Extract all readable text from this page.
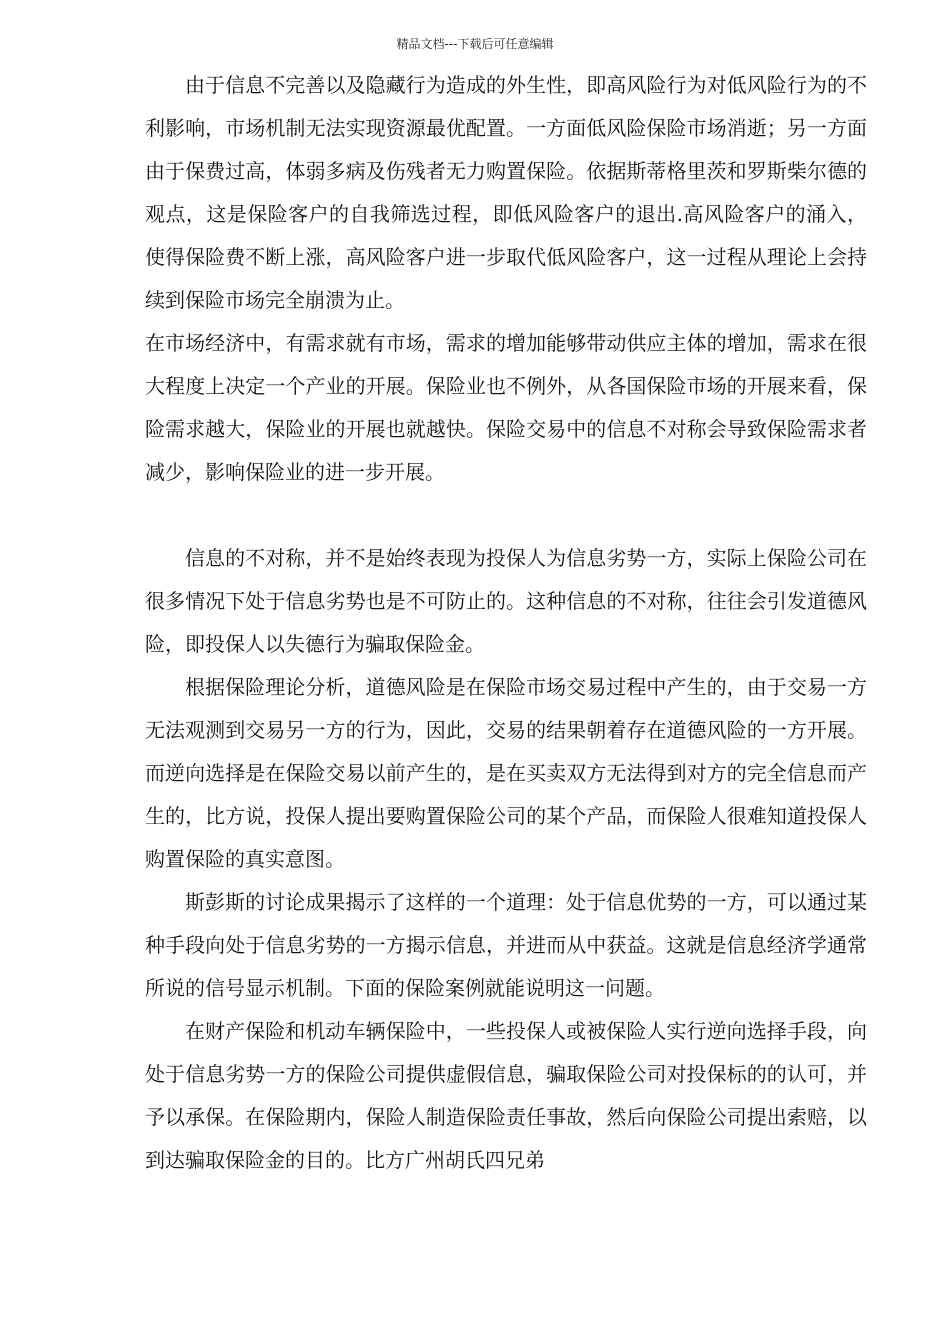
精品文档---下载后可任意编辑

由于信息不完善以及隐藏行为造成的外生性，即高风险行为对低风险行为的不利影响，市场机制无法实现资源最优配置。一方面低风险保险市场消逝；另一方面由于保费过高，体弱多病及伤残者无力购置保险。依据斯蒂格里茨和罗斯柴尔德的观点，这是保险客户的自我筛选过程，即低风险客户的退出.高风险客户的涌入，使得保险费不断上涨，高风险客户进一步取代低风险客户，这一过程从理论上会持续到保险市场完全崩溃为止。

在市场经济中，有需求就有市场，需求的增加能够带动供应主体的增加，需求在很大程度上决定一个产业的开展。保险业也不例外，从各国保险市场的开展来看，保险需求越大，保险业的开展也就越快。保险交易中的信息不对称会导致保险需求者减少，影响保险业的进一步开展。

信息的不对称，并不是始终表现为投保人为信息劣势一方，实际上保险公司在很多情况下处于信息劣势也是不可防止的。这种信息的不对称，往往会引发道德风险，即投保人以失德行为骗取保险金。

根据保险理论分析，道德风险是在保险市场交易过程中产生的，由于交易一方无法观测到交易另一方的行为，因此，交易的结果朝着存在道德风险的一方开展。而逆向选择是在保险交易以前产生的，是在买卖双方无法得到对方的完全信息而产生的，比方说，投保人提出要购置保险公司的某个产品，而保险人很难知道投保人购置保险的真实意图。

斯彭斯的讨论成果揭示了这样的一个道理：处于信息优势的一方，可以通过某种手段向处于信息劣势的一方揭示信息，并进而从中获益。这就是信息经济学通常所说的信号显示机制。下面的保险案例就能说明这一问题。

在财产保险和机动车辆保险中，一些投保人或被保险人实行逆向选择手段，向处于信息劣势一方的保险公司提供虚假信息，骗取保险公司对投保标的的认可，并予以承保。在保险期内，保险人制造保险责任事故，然后向保险公司提出索赔，以到达骗取保险金的目的。比方广州胡氏四兄弟
